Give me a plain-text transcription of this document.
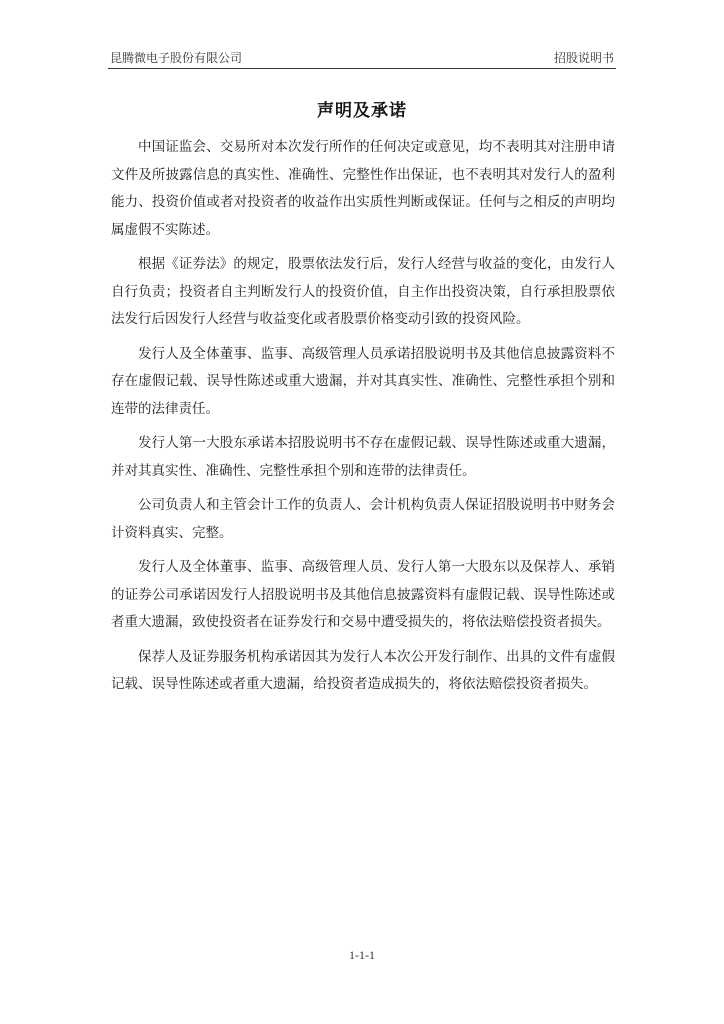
昆腾微电子股份有限公司	招股说明书
声明及承诺

中国证监会、交易所对本次发行所作的任何决定或意见，均不表明其对注册申请文件及所披露信息的真实性、准确性、完整性作出保证，也不表明其对发行人的盈利能力、投资价值或者对投资者的收益作出实质性判断或保证。任何与之相反的声明均属虚假不实陈述。

根据《证券法》的规定，股票依法发行后，发行人经营与收益的变化，由发行人自行负责；投资者自主判断发行人的投资价值，自主作出投资决策，自行承担股票依法发行后因发行人经营与收益变化或者股票价格变动引致的投资风险。

发行人及全体董事、监事、高级管理人员承诺招股说明书及其他信息披露资料不存在虚假记载、误导性陈述或重大遗漏，并对其真实性、准确性、完整性承担个别和连带的法律责任。

发行人第一大股东承诺本招股说明书不存在虚假记载、误导性陈述或重大遗漏，并对其真实性、准确性、完整性承担个别和连带的法律责任。

公司负责人和主管会计工作的负责人、会计机构负责人保证招股说明书中财务会计资料真实、完整。

发行人及全体董事、监事、高级管理人员、发行人第一大股东以及保荐人、承销的证券公司承诺因发行人招股说明书及其他信息披露资料有虚假记载、误导性陈述或者重大遗漏，致使投资者在证券发行和交易中遭受损失的，将依法赔偿投资者损失。

保荐人及证券服务机构承诺因其为发行人本次公开发行制作、出具的文件有虚假记载、误导性陈述或者重大遗漏，给投资者造成损失的，将依法赔偿投资者损失。

1-1-1
